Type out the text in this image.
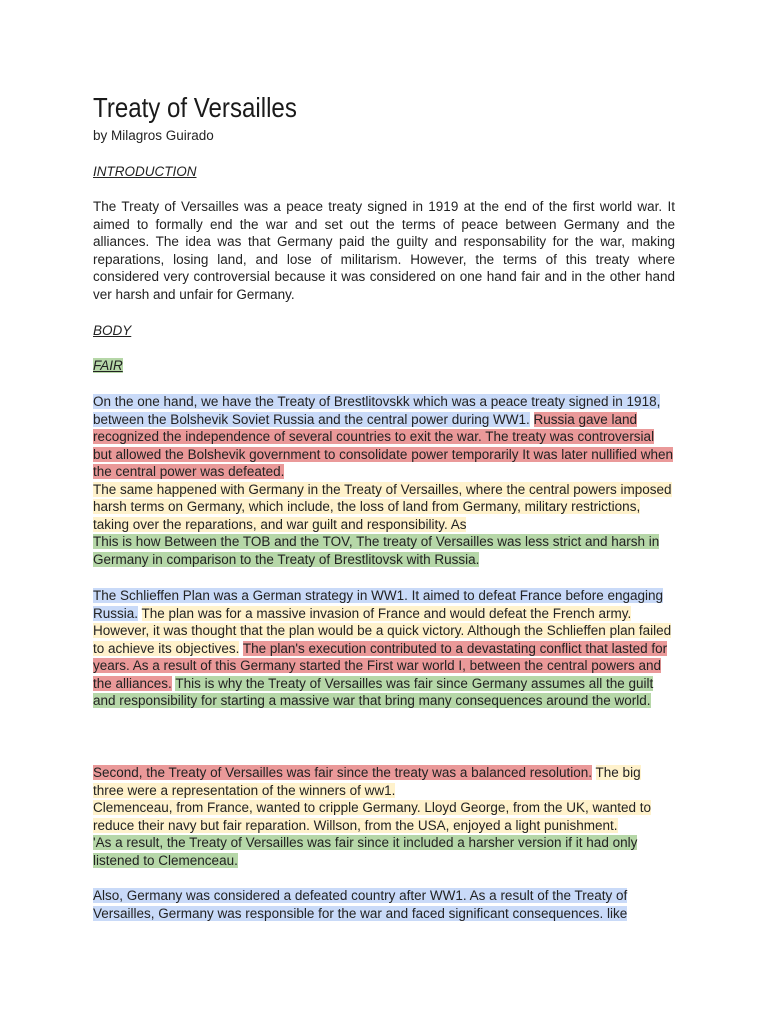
Treaty of Versailles

by Milagros Guirado

INTRODUCTION

The Treaty of Versailles was a peace treaty signed in 1919 at the end of the first world war. It aimed to formally end the war and set out the terms of peace between Germany and the alliances. The idea was that Germany paid the guilty and responsability for the war, making reparations, losing land, and lose of militarism. However, the terms of this treaty where considered very controversial because it was considered on one hand fair and in the other hand ver harsh and unfair for Germany.

BODY

FAIR

On the one hand, we have the Treaty of Brestlitovskk which was a peace treaty signed in 1918, between the Bolshevik Soviet Russia and the central power during WW1. Russia gave land recognized the independence of several countries to exit the war. The treaty was controversial but allowed the Bolshevik government to consolidate power temporarily It was later nullified when the central power was defeated.
The same happened with Germany in the Treaty of Versailles, where the central powers imposed harsh terms on Germany, which include, the loss of land from Germany, military restrictions, taking over the reparations, and war guilt and responsibility. As
This is how Between the TOB and the TOV, The treaty of Versailles was less strict and harsh in Germany in comparison to the Treaty of Brestlitovsk with Russia.

The Schlieffen Plan was a German strategy in WW1. It aimed to defeat France before engaging Russia. The plan was for a massive invasion of France and would defeat the French army. However, it was thought that the plan would be a quick victory. Although the Schlieffen plan failed to achieve its objectives. The plan's execution contributed to a devastating conflict that lasted for years. As a result of this Germany started the First war world I, between the central powers and the alliances. This is why the Treaty of Versailles was fair since Germany assumes all the guilt and responsibility for starting a massive war that bring many consequences around the world.

Second, the Treaty of Versailles was fair since the treaty was a balanced resolution. The big three were a representation of the winners of ww1.
Clemenceau, from France, wanted to cripple Germany. Lloyd George, from the UK, wanted to reduce their navy but fair reparation. Willson, from the USA, enjoyed a light punishment.
'As a result, the Treaty of Versailles was fair since it included a harsher version if it had only listened to Clemenceau.

Also, Germany was considered a defeated country after WW1. As a result of the Treaty of Versailles, Germany was responsible for the war and faced significant consequences. like
